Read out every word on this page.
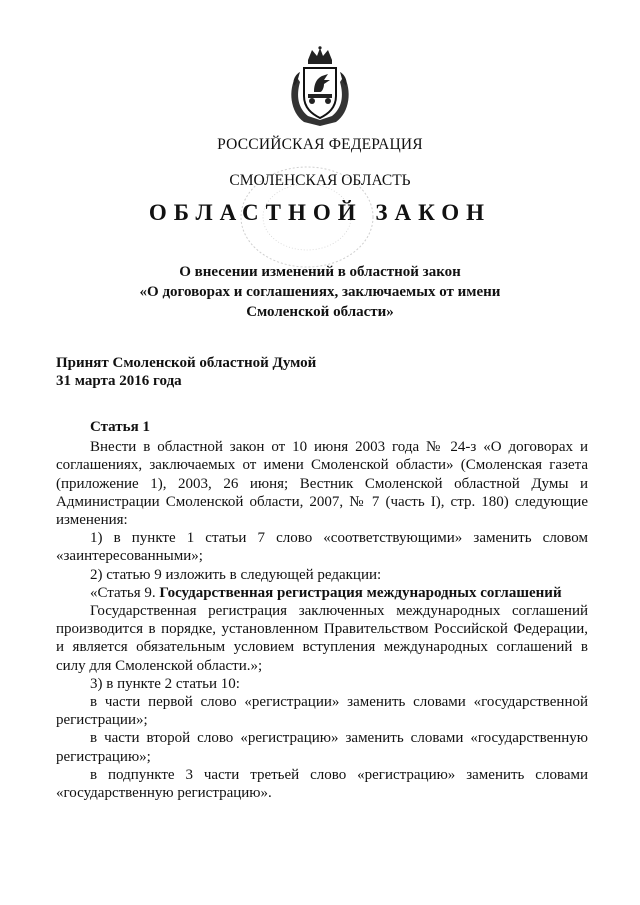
РОССИЙСКАЯ ФЕДЕРАЦИЯ
СМОЛЕНСКАЯ ОБЛАСТЬ
ОБЛАСТНОЙ ЗАКОН
О внесении изменений в областной закон
«О договорах и соглашениях, заключаемых от имени
Смоленской области»
Принят Смоленской областной Думой
31 марта 2016 года

Статья 1

Внести в областной закон от 10 июня 2003 года № 24-з «О договорах и соглашениях, заключаемых от имени Смоленской области» (Смоленская газета (приложение 1), 2003, 26 июня; Вестник Смоленской областной Думы и Администрации Смоленской области, 2007, № 7 (часть I), стр. 180) следующие изменения:

1) в пункте 1 статьи 7 слово «соответствующими» заменить словом «заинтересованными»;

2) статью 9 изложить в следующей редакции:

«Статья 9. Государственная регистрация международных соглашений

Государственная регистрация заключенных международных соглашений производится в порядке, установленном Правительством Российской Федерации, и является обязательным условием вступления международных соглашений в силу для Смоленской области.»;

3) в пункте 2 статьи 10:

в части первой слово «регистрации» заменить словами «государственной регистрации»;

в части второй слово «регистрацию» заменить словами «государственную регистрацию»;

в подпункте 3 части третьей слово «регистрацию» заменить словами «государственную регистрацию».
